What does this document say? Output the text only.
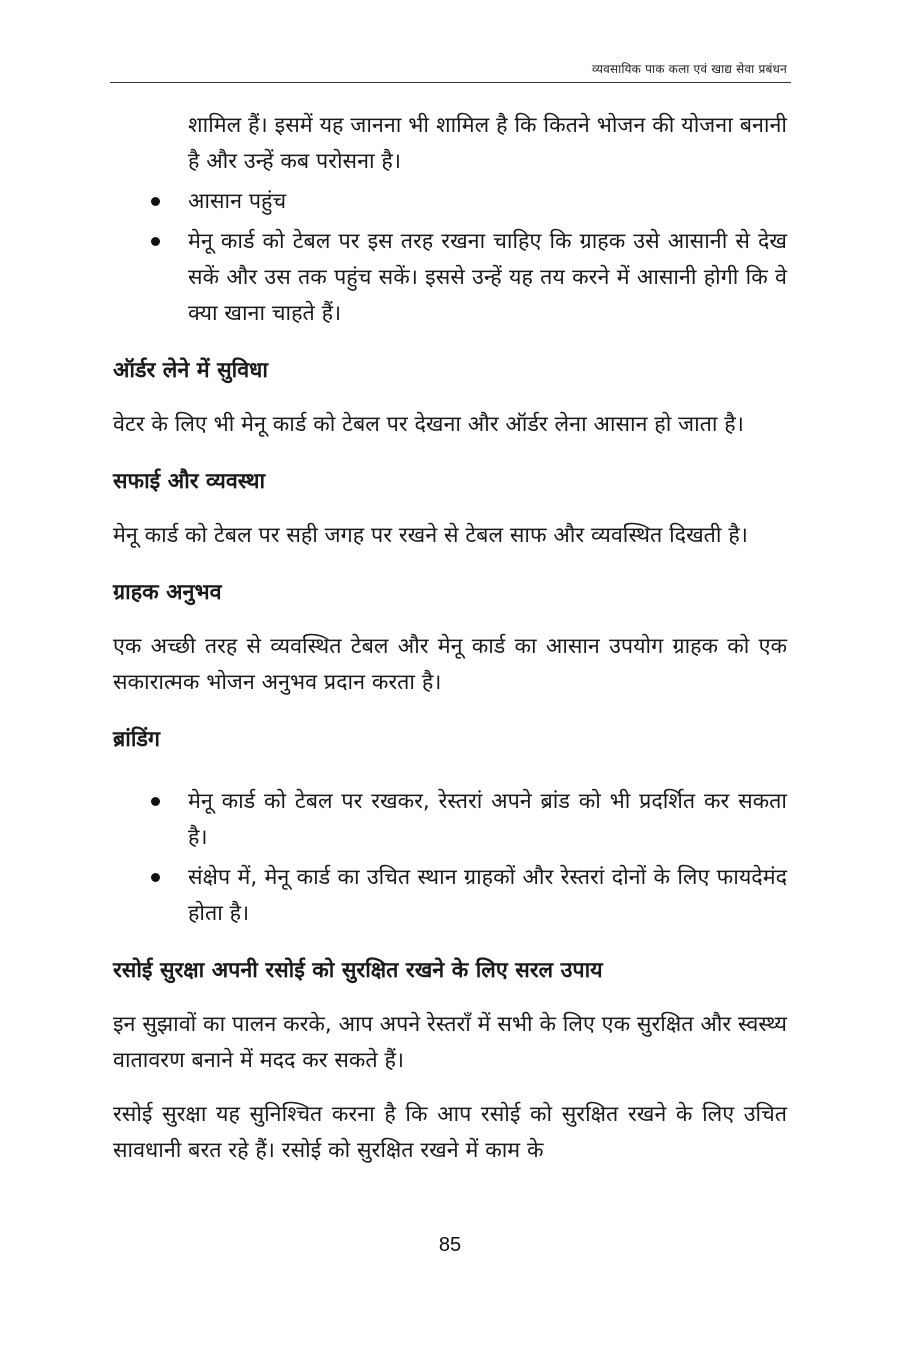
व्यवसायिक पाक कला एवं खाद्य सेवा प्रबंधन

शामिल हैं। इसमें यह जानना भी शामिल है कि कितने भोजन की योजना बनानी है और उन्हें कब परोसना है।

आसान पहुंच
मेनू कार्ड को टेबल पर इस तरह रखना चाहिए कि ग्राहक उसे आसानी से देख सकें और उस तक पहुंच सकें। इससे उन्हें यह तय करने में आसानी होगी कि वे क्या खाना चाहते हैं।
ऑर्डर लेने में सुविधा

वेटर के लिए भी मेनू कार्ड को टेबल पर देखना और ऑर्डर लेना आसान हो जाता है।

सफाई और व्यवस्था

मेनू कार्ड को टेबल पर सही जगह पर रखने से टेबल साफ और व्यवस्थित दिखती है।

ग्राहक अनुभव

एक अच्छी तरह से व्यवस्थित टेबल और मेनू कार्ड का आसान उपयोग ग्राहक को एक सकारात्मक भोजन अनुभव प्रदान करता है।

ब्रांडिंग
मेनू कार्ड को टेबल पर रखकर, रेस्तरां अपने ब्रांड को भी प्रदर्शित कर सकता है।
संक्षेप में, मेनू कार्ड का उचित स्थान ग्राहकों और रेस्तरां दोनों के लिए फायदेमंद होता है।
रसोई सुरक्षा अपनी रसोई को सुरक्षित रखने के लिए सरल उपाय

इन सुझावों का पालन करके, आप अपने रेस्तराँ में सभी के लिए एक सुरक्षित और स्वस्थ्य वातावरण बनाने में मदद कर सकते हैं।

रसोई सुरक्षा यह सुनिश्चित करना है कि आप रसोई को सुरक्षित रखने के लिए उचित सावधानी बरत रहे हैं। रसोई को सुरक्षित रखने में काम के

85
